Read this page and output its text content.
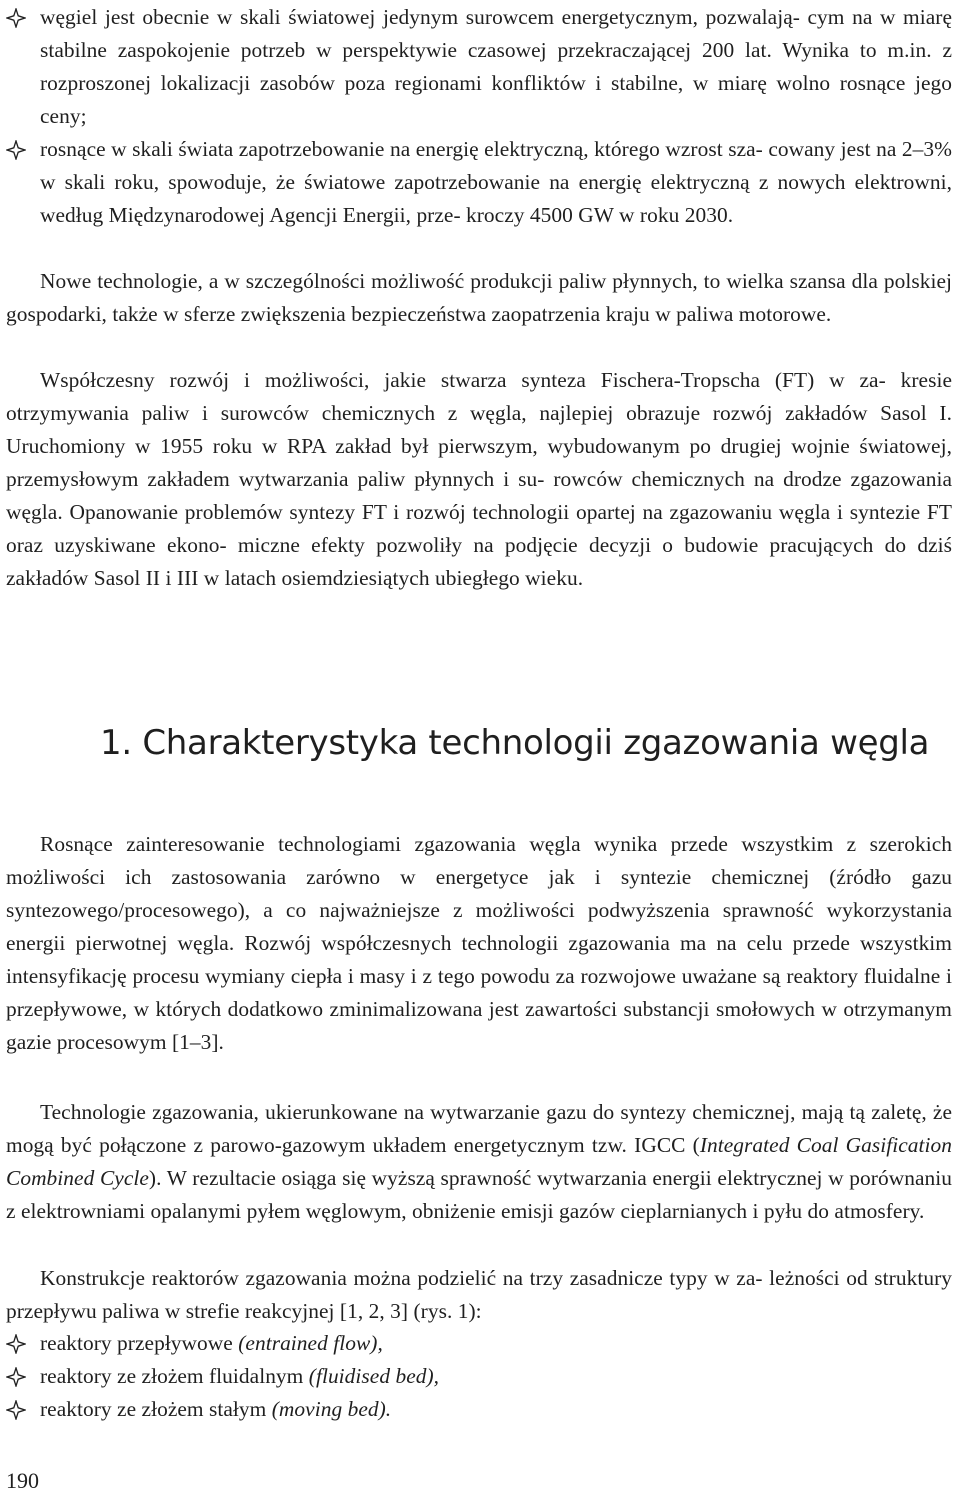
węgiel jest obecnie w skali światowej jedynym surowcem energetycznym, pozwalają- cym na w miarę stabilne zaspokojenie potrzeb w perspektywie czasowej przekraczającej 200 lat. Wynika to m.in. z rozproszonej lokalizacji zasobów poza regionami konfliktów i stabilne, w miarę wolno rosnące jego ceny;
rosnące w skali świata zapotrzebowanie na energię elektryczną, którego wzrost sza- cowany jest na 2–3% w skali roku, spowoduje, że światowe zapotrzebowanie na energię elektryczną z nowych elektrowni, według Międzynarodowej Agencji Energii, prze- kroczy 4500 GW w roku 2030.

Nowe technologie, a w szczególności możliwość produkcji paliw płynnych, to wielka szansa dla polskiej gospodarki, także w sferze zwiększenia bezpieczeństwa zaopatrzenia kraju w paliwa motorowe.

Współczesny rozwój i możliwości, jakie stwarza synteza Fischera-Tropscha (FT) w za- kresie otrzymywania paliw i surowców chemicznych z węgla, najlepiej obrazuje rozwój zakładów Sasol I. Uruchomiony w 1955 roku w RPA zakład był pierwszym, wybudowanym po drugiej wojnie światowej, przemysłowym zakładem wytwarzania paliw płynnych i su- rowców chemicznych na drodze zgazowania węgla. Opanowanie problemów syntezy FT i rozwój technologii opartej na zgazowaniu węgla i syntezie FT oraz uzyskiwane ekono- miczne efekty pozwoliły na podjęcie decyzji o budowie pracujących do dziś zakładów Sasol II i III w latach osiemdziesiątych ubiegłego wieku.

1. Charakterystyka technologii zgazowania węgla

Rosnące zainteresowanie technologiami zgazowania węgla wynika przede wszystkim z szerokich możliwości ich zastosowania zarówno w energetyce jak i syntezie chemicznej (źródło gazu syntezowego/procesowego), a co najważniejsze z możliwości podwyższenia sprawność wykorzystania energii pierwotnej węgla. Rozwój współczesnych technologii zgazowania ma na celu przede wszystkim intensyfikację procesu wymiany ciepła i masy i z tego powodu za rozwojowe uważane są reaktory fluidalne i przepływowe, w których dodatkowo zminimalizowana jest zawartości substancji smołowych w otrzymanym gazie procesowym [1–3].

Technologie zgazowania, ukierunkowane na wytwarzanie gazu do syntezy chemicznej, mają tą zaletę, że mogą być połączone z parowo-gazowym układem energetycznym tzw. IGCC (Integrated Coal Gasification Combined Cycle). W rezultacie osiąga się wyższą sprawność wytwarzania energii elektrycznej w porównaniu z elektrowniami opalanymi pyłem węglowym, obniżenie emisji gazów cieplarnianych i pyłu do atmosfery.

Konstrukcje reaktorów zgazowania można podzielić na trzy zasadnicze typy w za- leżności od struktury przepływu paliwa w strefie reakcyjnej [1, 2, 3] (rys. 1):

reaktory przepływowe (entrained flow),
reaktory ze złożem fluidalnym (fluidised bed),
reaktory ze złożem stałym (moving bed).
190
